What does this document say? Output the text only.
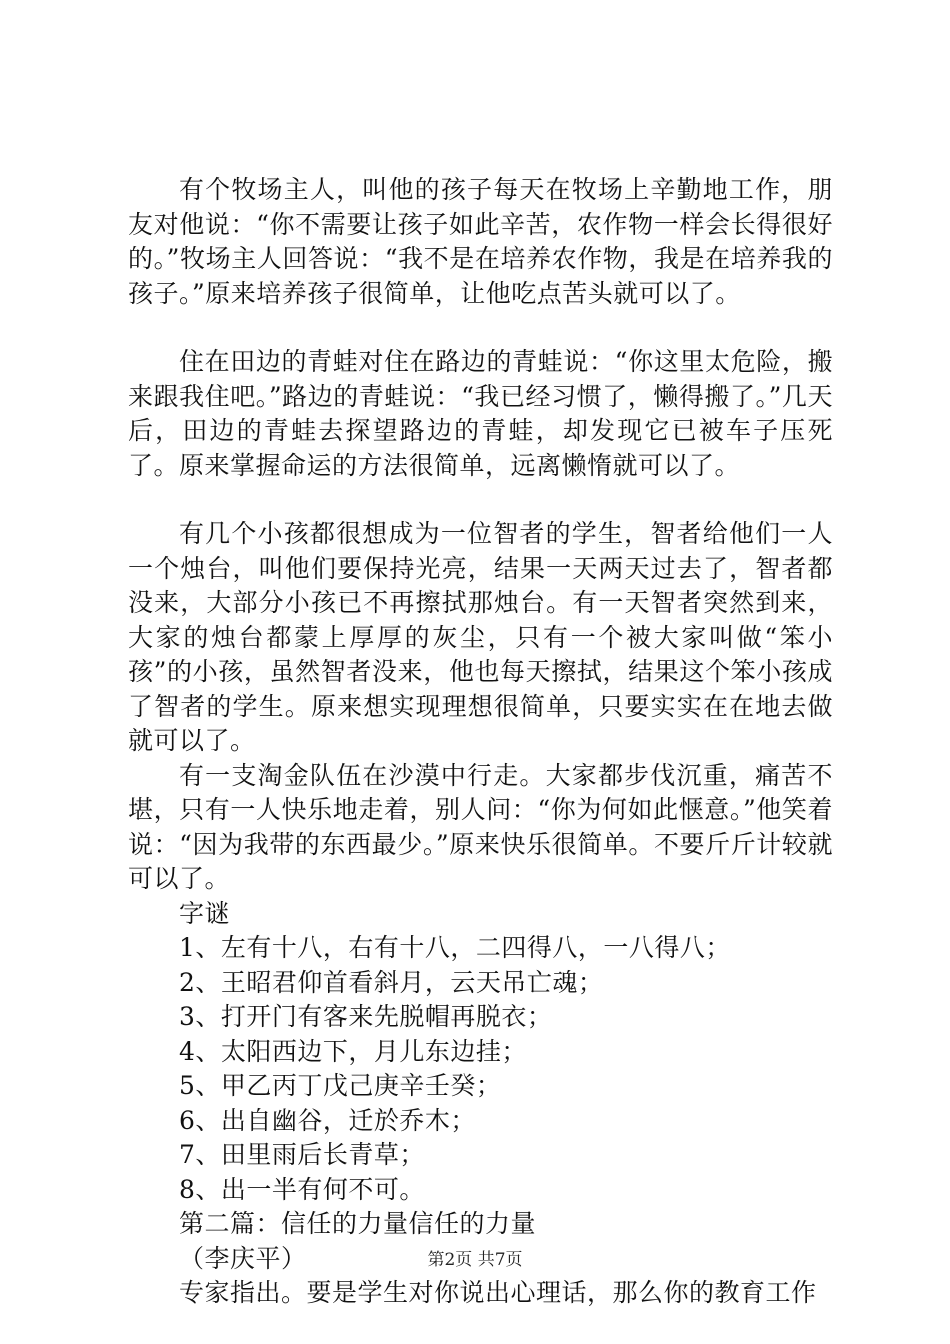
有个牧场主人，叫他的孩子每天在牧场上辛勤地工作，朋友对他说：“你不需要让孩子如此辛苦，农作物一样会长得很好的。”牧场主人回答说：“我不是在培养农作物，我是在培养我的孩子。”原来培养孩子很简单，让他吃点苦头就可以了。

住在田边的青蛙对住在路边的青蛙说：“你这里太危险，搬来跟我住吧。”路边的青蛙说：“我已经习惯了，懒得搬了。”几天后，田边的青蛙去探望路边的青蛙，却发现它已被车子压死了。原来掌握命运的方法很简单，远离懒惰就可以了。

有几个小孩都很想成为一位智者的学生，智者给他们一人一个烛台，叫他们要保持光亮，结果一天两天过去了，智者都没来，大部分小孩已不再擦拭那烛台。有一天智者突然到来，大家的烛台都蒙上厚厚的灰尘，只有一个被大家叫做“笨小孩”的小孩，虽然智者没来，他也每天擦拭，结果这个笨小孩成了智者的学生。原来想实现理想很简单，只要实实在在地去做就可以了。

有一支淘金队伍在沙漠中行走。大家都步伐沉重，痛苦不堪，只有一人快乐地走着，别人问：“你为何如此惬意。”他笑着说：“因为我带的东西最少。”原来快乐很简单。不要斤斤计较就可以了。

字谜

1、左有十八，右有十八，二四得八，一八得八；

2、王昭君仰首看斜月，云天吊亡魂；

3、打开门有客来先脱帽再脱衣；

4、太阳西边下，月儿东边挂；

5、甲乙丙丁戊己庚辛壬癸；

6、出自幽谷，迁於乔木；

7、田里雨后长青草；

8、出一半有何不可。

第二篇：信任的力量信任的力量

（李庆平）

专家指出。要是学生对你说出心理话，那么你的教育工作

第2页 共7页
